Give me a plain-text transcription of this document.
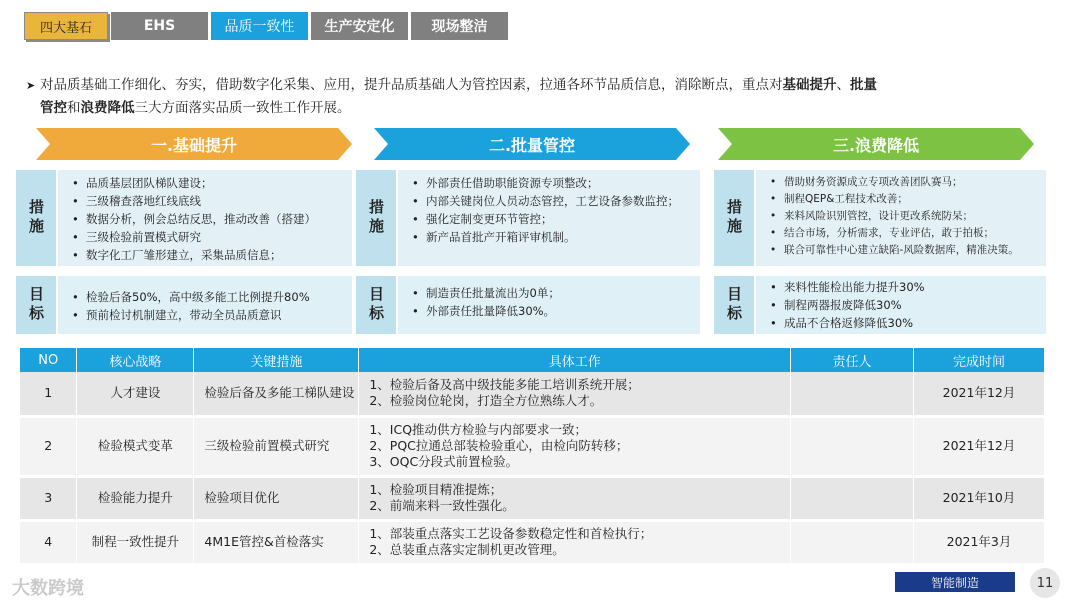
四大基石	EHS	品质一致性	生产安定化	现场整洁
➤ 对品质基础工作细化、夯实，借助数字化采集、应用，提升品质基础人为管控因素，拉通各环节品质信息，消除断点，重点对基础提升、批量
管控和浪费降低三大方面落实品质一致性工作开展。
一.基础提升
措施
• 品质基层团队梯队建设；
• 三级稽查落地红线底线
• 数据分析，例会总结反思，推动改善（搭建）
• 三级检验前置模式研究
• 数字化工厂雏形建立，采集品质信息；
目标	• 检验后备50%，高中级多能工比例提升80%
• 预前检讨机制建立，带动全员品质意识
二.批量管控
措施
• 外部责任借助职能资源专项整改；
• 内部关键岗位人员动态管控，工艺设备参数监控；
• 强化定制变更环节管控；
• 新产品首批产开箱评审机制。
目标	• 制造责任批量流出为0单；
• 外部责任批量降低30%。
三.浪费降低
措施
• 借助财务资源成立专项改善团队赛马；
• 制程QEP&工程技术改善；
• 来料风险识别管控，设计更改系统防呆；
• 结合市场，分析需求，专业评估，敢于拍板；
• 联合可靠性中心建立缺陷-风险数据库，精准决策。
目标	• 来料性能检出能力提升30%
• 制程两器报废降低30%
• 成品不合格返修降低30%
NO	核心战略	关键措施	具体工作	责任人	完成时间
1	人才建设	检验后备及多能工梯队建设	1、检验后备及高中级技能多能工培训系统开展；
2、检验岗位轮岗，打造全方位熟练人才。		2021年12月
2	检验模式变革	三级检验前置模式研究	1、ICQ推动供方检验与内部要求一致；
2、PQC拉通总部装检验重心，由检向防转移；
3、OQC分段式前置检验。		2021年12月
3	检验能力提升	检验项目优化	1、检验项目精准提炼；
2、前端来料一致性强化。		2021年10月
4	制程一致性提升	4M1E管控&首检落实	1、部装重点落实工艺设备参数稳定性和首检执行；
2、总装重点落实定制机更改管理。		2021年3月
大数跨境	智能制造	11
